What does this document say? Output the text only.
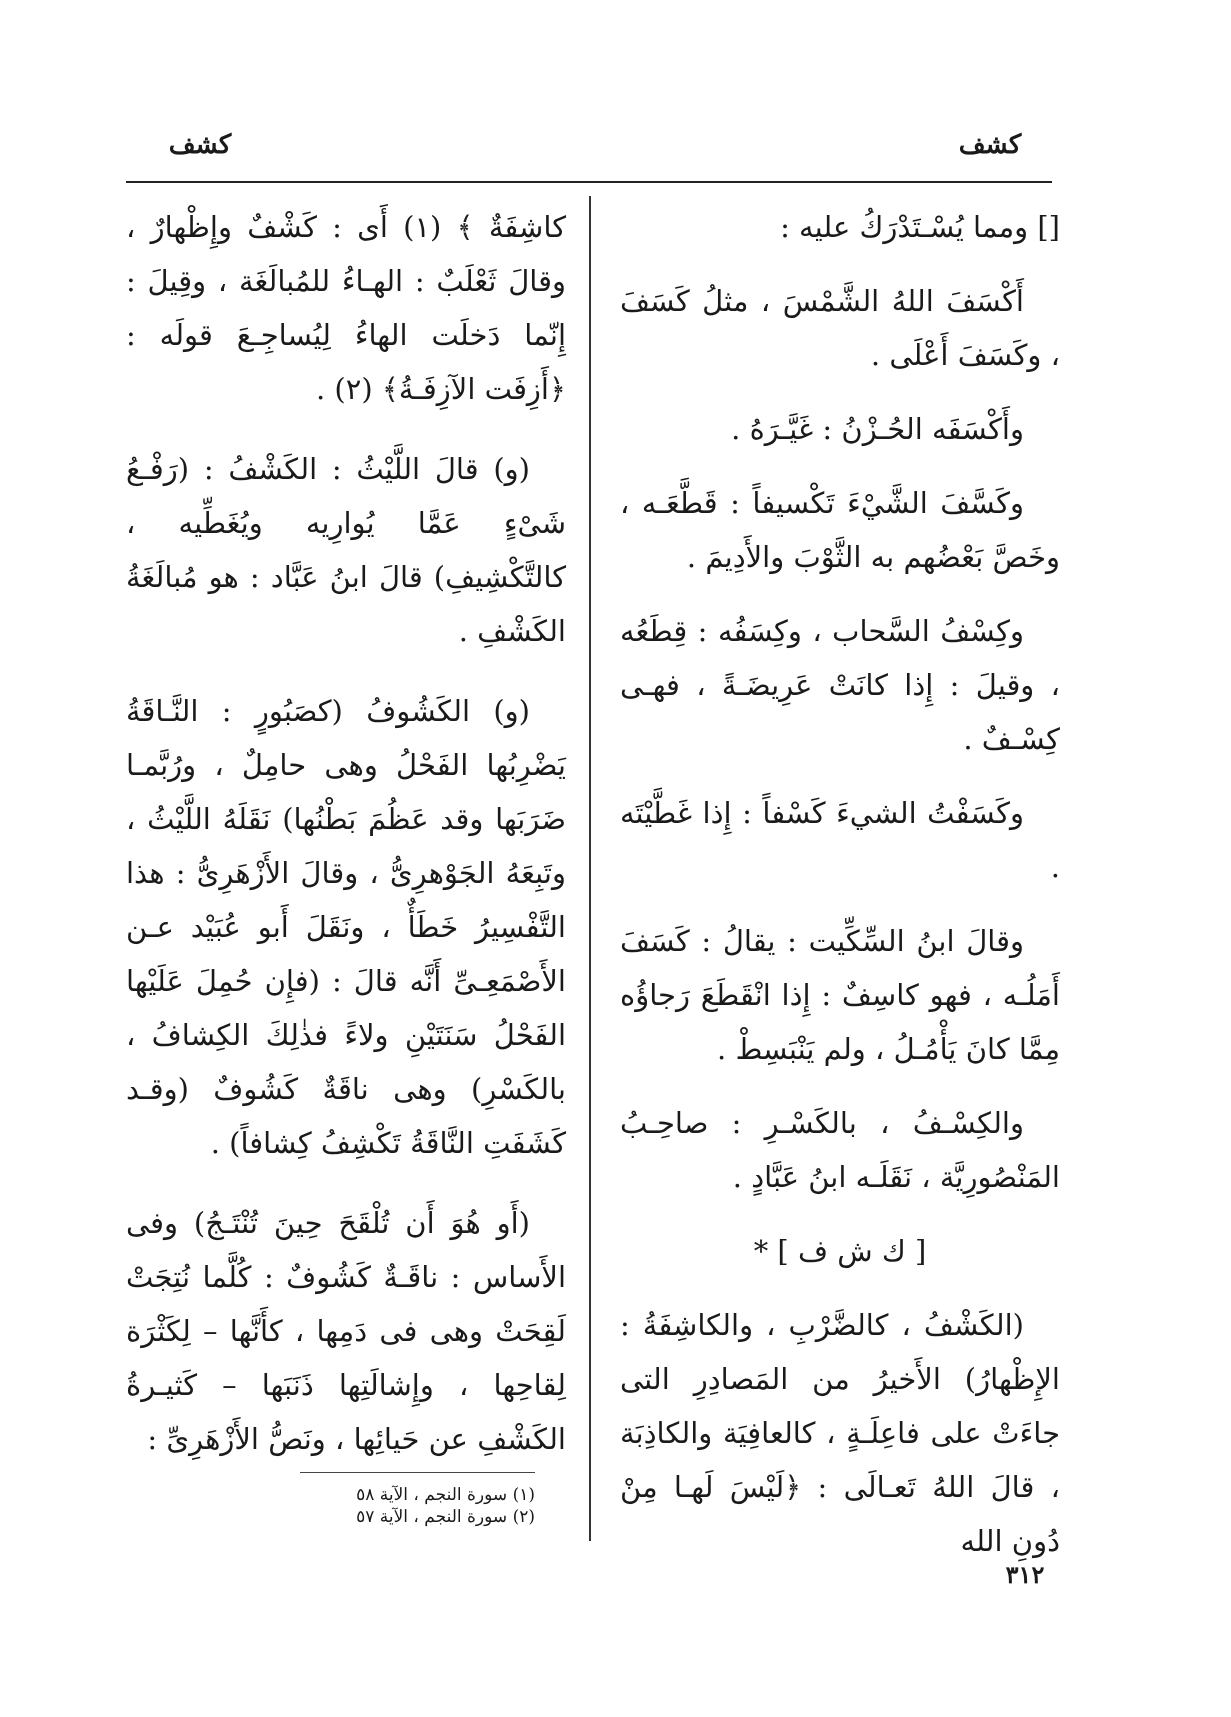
كشف
كشف

[] ومما يُسْـتَدْرَكُ عليه :

أَكْسَفَ اللهُ الشَّمْسَ ، مثلُ كَسَفَ ، وكَسَفَ أَعْلَى .

وأَكْسَفَه الحُـزْنُ : غَيَّـرَهُ .

وكَسَّفَ الشَّيْءَ تَكْسيفاً : قَطَّعَـه ، وخَصَّ بَعْضُهم به الثَّوْبَ والأَدِيمَ .

وكِسْفُ السَّحاب ، وكِسَفُه : قِطَعُه ، وقيلَ : إِذا كانَتْ عَرِيضَـةً ، فهـى كِسْـفٌ .

وكَسَفْتُ الشيءَ كَسْفاً : إِذا غَطَّيْتَه .

وقالَ ابنُ السِّكِّيت : يقالُ : كَسَفَ أَمَلُـه ، فهو كاسِفٌ : إِذا انْقَطَعَ رَجاؤُه مِمَّا كانَ يَأْمُـلُ ، ولم يَنْبَسِطْ .

والكِسْـفُ ، بالكَسْـرِ : صاحِـبُ المَنْصُورِيَّة ، نَقَلَـه ابنُ عَبَّادٍ .

[ ك ش ف ] *

(الكَشْفُ ، كالضَّرْبِ ، والكاشِفَةُ : الإِظْهارُ) الأَخيرُ من المَصادِرِ التى جاءَتْ على فاعِلَـةٍ ، كالعافِيَة والكاذِبَة ، قالَ اللهُ تَعـالَى : ﴿لَيْسَ لَهـا مِنْ دُونِ الله

كاشِفَةٌ ﴾ (١) أَى : كَشْفٌ وإِظْهارٌ ، وقالَ ثَعْلَبٌ : الهـاءُ للمُبالَغَة ، وقِيلَ : إِنّما دَخلَت الهاءُ لِيُساجِـعَ قولَه : ﴿أَزِفَت الآزِفَـةُ﴾ (٢) .

(و) قالَ اللَّيْثُ : الكَشْفُ : (رَفْـعُ شَىْءٍ عَمَّا يُوارِيه ويُغَطِّيه ، كالتَّكْشِيفِ) قالَ ابنُ عَبَّاد : هو مُبالَغَةُ الكَشْفِ .

(و) الكَشُوفُ (كصَبُورٍ : النَّـاقَةُ يَضْرِبُها الفَحْلُ وهى حامِلٌ ، ورُبَّمـا ضَرَبَها وقد عَظُمَ بَطْنُها) نَقَلَهُ اللَّيْثُ ، وتَبِعَهُ الجَوْهرِىُّ ، وقالَ الأَزْهَرِىُّ : هذا التَّفْسِيرُ خَطَأٌ ، ونَقَلَ أَبو عُبَيْد عـن الأَصْمَعِـىِّ أَنَّه قالَ : (فإِن حُمِلَ عَلَيْها الفَحْلُ سَنَتَيْنِ ولاءً فذٰلِكَ الكِشافُ ، بالكَسْرِ) وهى ناقَةٌ كَشُوفٌ (وقـد كَشَفَتِ النَّاقَةُ تَكْشِفُ كِشافاً) .

(أَو هُوَ أَن تُلْقَحَ حِينَ تُنْتَـجُ) وفى الأَساس : ناقَـةٌ كَشُوفٌ : كُلَّما نُتِجَتْ لَقِحَتْ وهى فى دَمِها ، كأَنَّها – لِكَثْرَة لِقاحِها ، وإِشالَتِها ذَنَبَها – كَثيـرةُ الكَشْفِ عن حَيائِها ، ونَصُّ الأَزْهَرِىِّ :

(١) سورة النجم ، الآية ٥٨
(٢) سورة النجم ، الآية ٥٧
٣١٢
